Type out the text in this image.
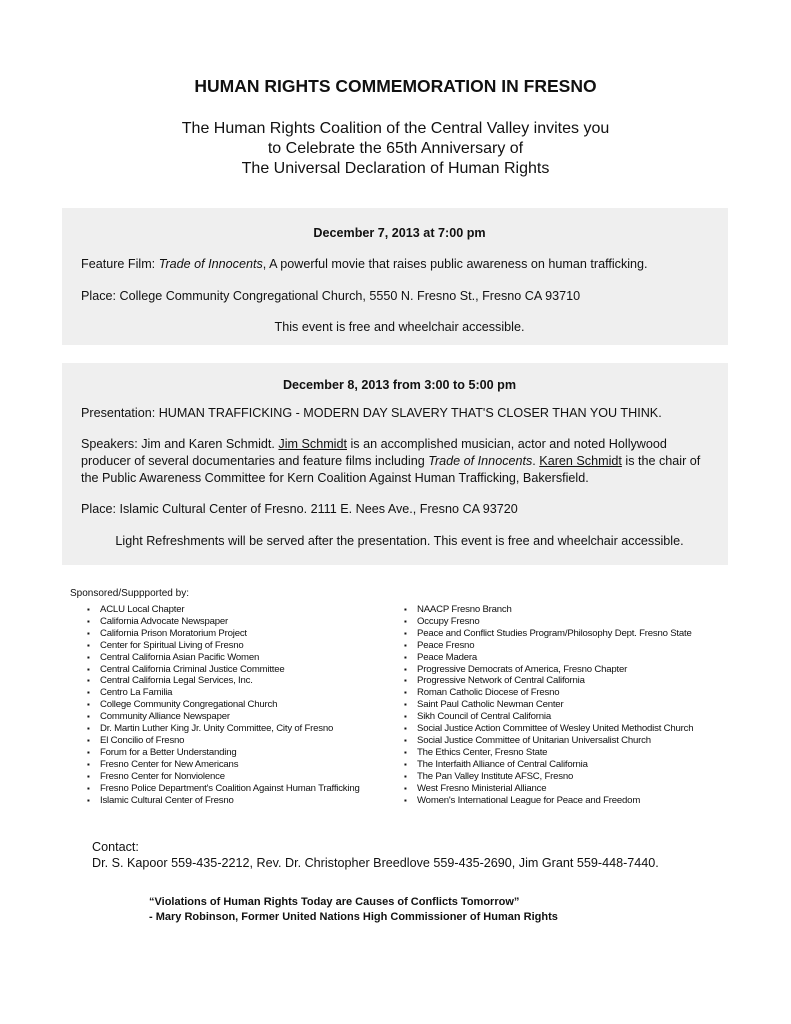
HUMAN RIGHTS COMMEMORATION IN FRESNO
The Human Rights Coalition of the Central Valley invites you
to Celebrate the 65th Anniversary of
The Universal Declaration of Human Rights

December 7, 2013 at 7:00 pm

Feature Film: Trade of Innocents, A powerful movie that raises public awareness on human trafficking.

Place: College Community Congregational Church, 5550 N. Fresno St., Fresno CA 93710

This event is free and wheelchair accessible.

December 8, 2013 from 3:00 to 5:00 pm

Presentation: HUMAN TRAFFICKING - MODERN DAY SLAVERY THAT'S CLOSER THAN YOU THINK.

Speakers: Jim and Karen Schmidt. Jim Schmidt is an accomplished musician, actor and noted Hollywood producer of several documentaries and feature films including Trade of Innocents. Karen Schmidt is the chair of the Public Awareness Committee for Kern Coalition Against Human Trafficking, Bakersfield.

Place: Islamic Cultural Center of Fresno. 2111 E. Nees Ave., Fresno CA 93720

Light Refreshments will be served after the presentation. This event is free and wheelchair accessible.

Sponsored/Suppported by:
▪ ACLU Local Chapter
▪ California Advocate Newspaper
▪ California Prison Moratorium Project
▪ Center for Spiritual Living of Fresno
▪ Central California Asian Pacific Women
▪ Central California Criminal Justice Committee
▪ Central California Legal Services, Inc.
▪ Centro La Familia
▪ College Community Congregational Church
▪ Community Alliance Newspaper
▪ Dr. Martin Luther King Jr. Unity Committee, City of Fresno
▪ El Concilio of Fresno
▪ Forum for a Better Understanding
▪ Fresno Center for New Americans
▪ Fresno Center for Nonviolence
▪ Fresno Police Department's Coalition Against Human Trafficking
▪ Islamic Cultural Center of Fresno
▪ NAACP Fresno Branch
▪ Occupy Fresno
▪ Peace and Conflict Studies Program/Philosophy Dept. Fresno State
▪ Peace Fresno
▪ Peace Madera
▪ Progressive Democrats of America, Fresno Chapter
▪ Progressive Network of Central California
▪ Roman Catholic Diocese of Fresno
▪ Saint Paul Catholic Newman Center
▪ Sikh Council of Central California
▪ Social Justice Action Committee of Wesley United Methodist Church
▪ Social Justice Committee of Unitarian Universalist Church
▪ The Ethics Center, Fresno State
▪ The Interfaith Alliance of Central California
▪ The Pan Valley Institute AFSC, Fresno
▪ West Fresno Ministerial Alliance
▪ Women's International League for Peace and Freedom
Contact:
Dr. S. Kapoor 559-435-2212, Rev. Dr. Christopher Breedlove 559-435-2690, Jim Grant 559-448-7440.
“Violations of Human Rights Today are Causes of Conflicts Tomorrow”
- Mary Robinson, Former United Nations High Commissioner of Human Rights
